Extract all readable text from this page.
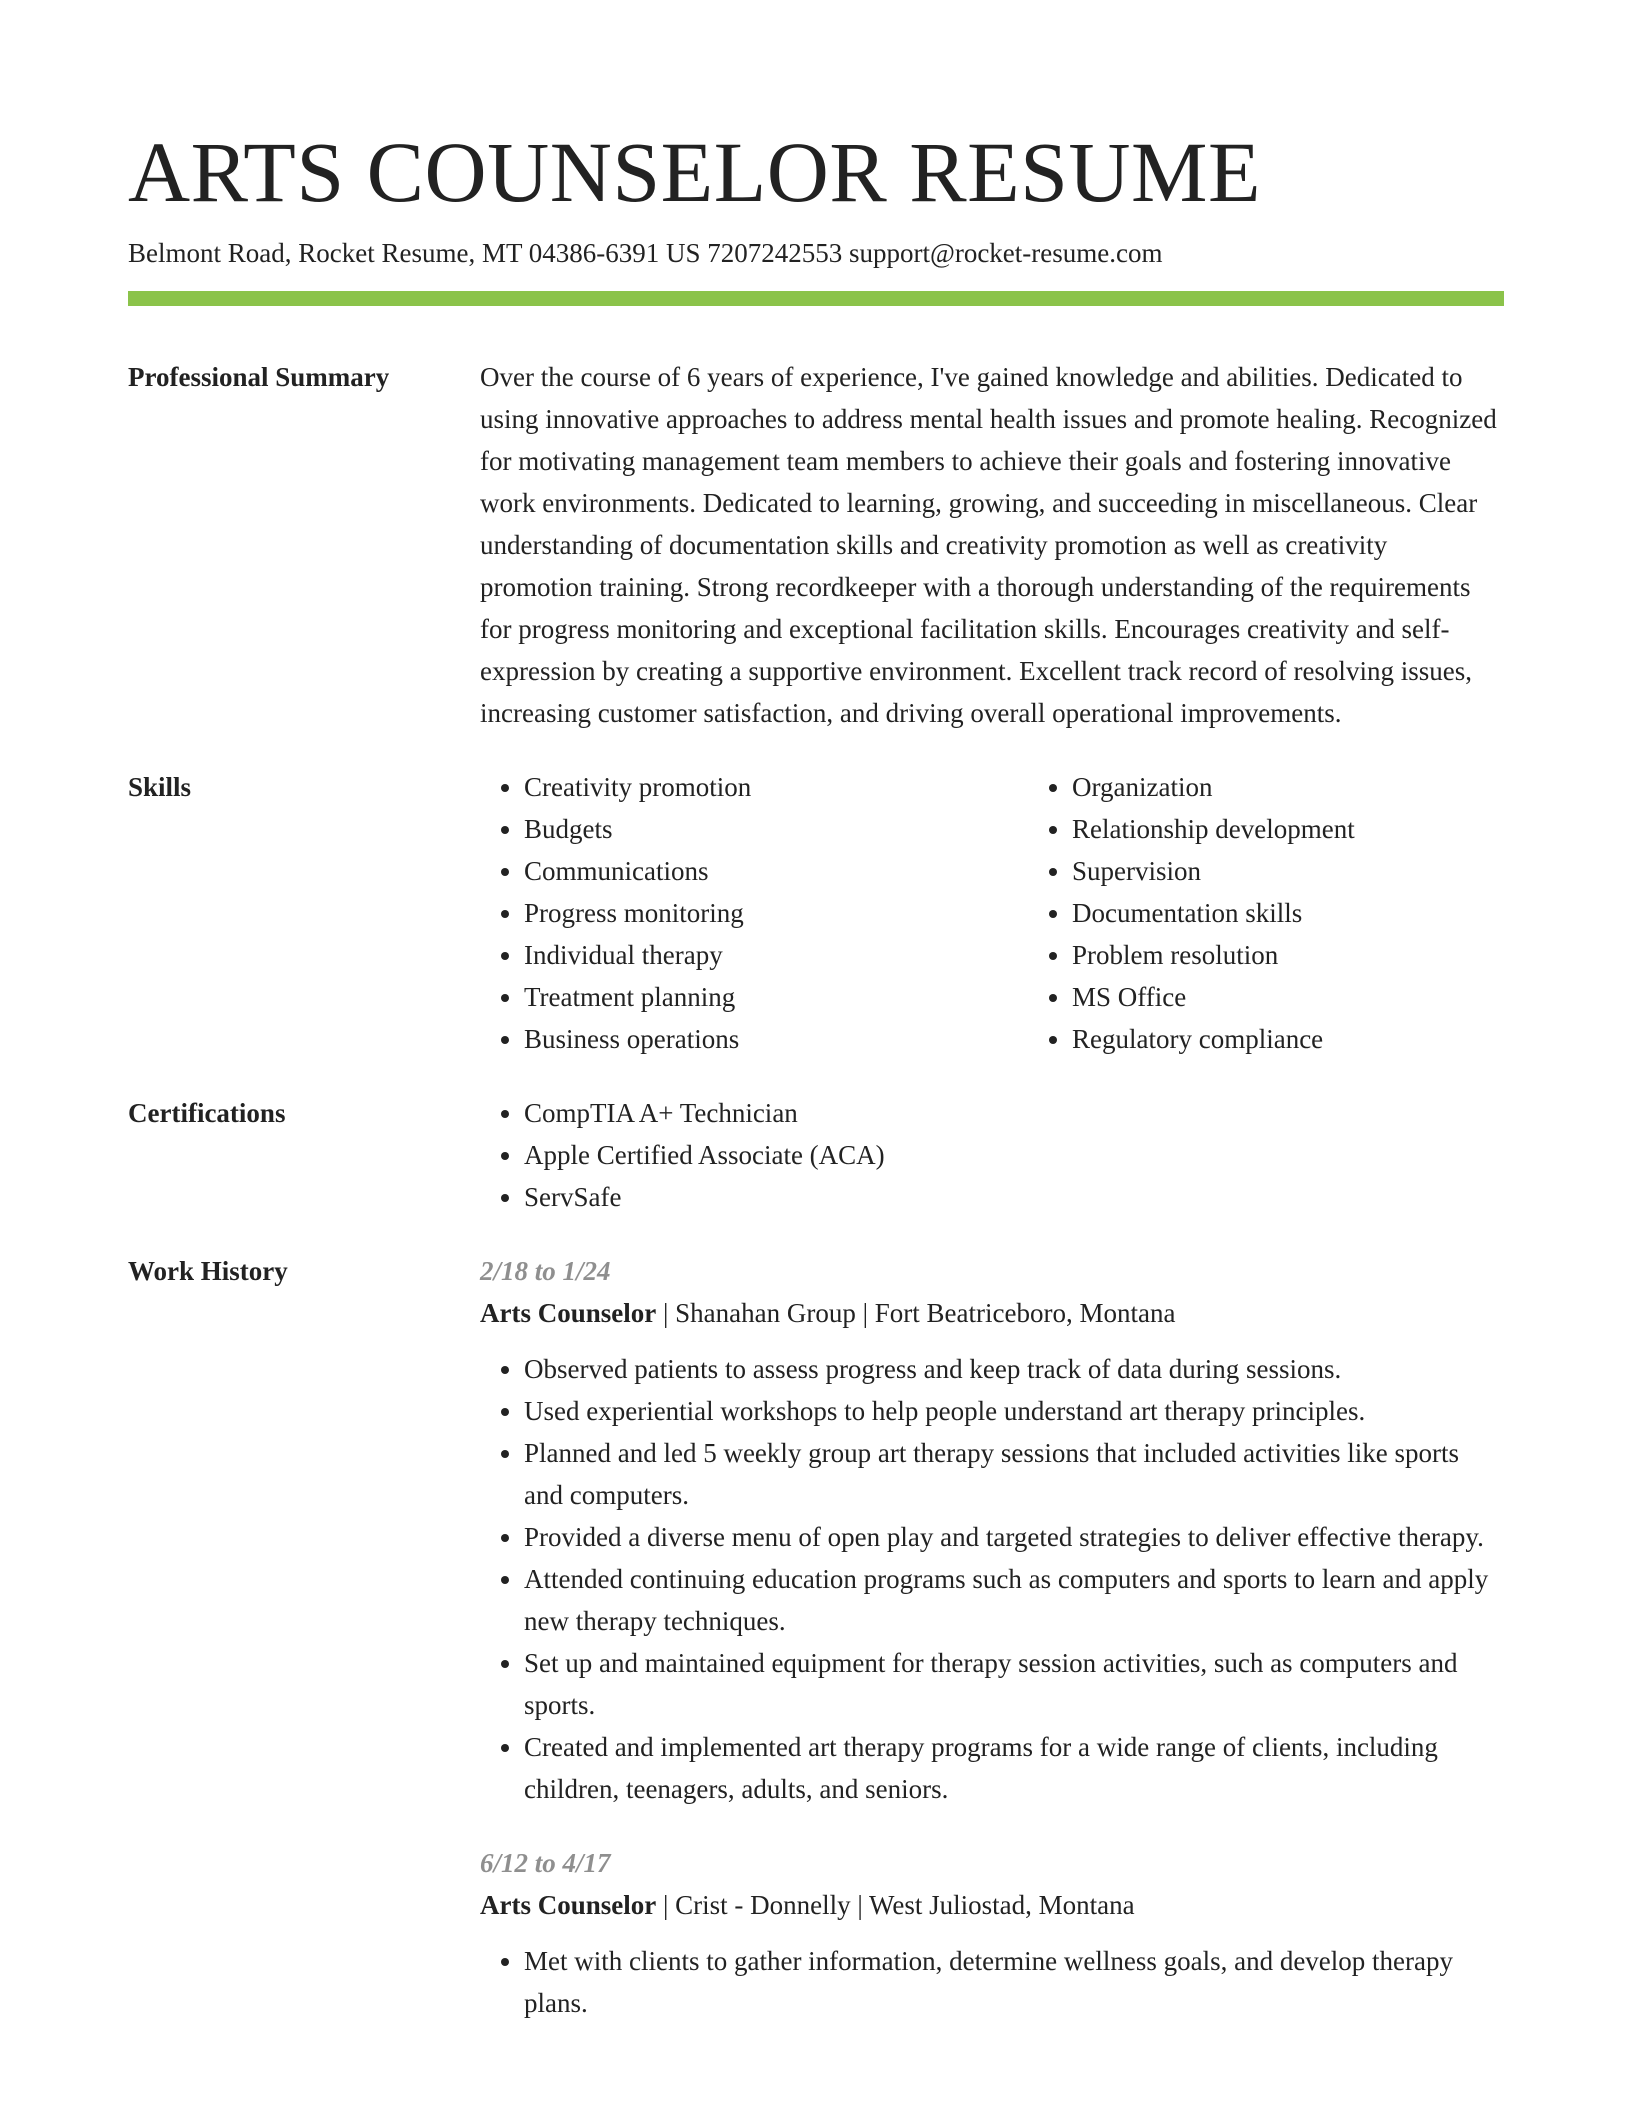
ARTS COUNSELOR RESUME
Belmont Road, Rocket Resume, MT 04386-6391 US 7207242553 support@rocket-resume.com
Professional Summary	Over the course of 6 years of experience, I've gained knowledge and abilities. Dedicated to using innovative approaches to address mental health issues and promote healing. Recognized for motivating management team members to achieve their goals and fostering innovative work environments. Dedicated to learning, growing, and succeeding in miscellaneous. Clear understanding of documentation skills and creativity promotion as well as creativity promotion training. Strong recordkeeper with a thorough understanding of the requirements for progress monitoring and exceptional facilitation skills. Encourages creativity and self-expression by creating a supportive environment. Excellent track record of resolving issues, increasing customer satisfaction, and driving overall operational improvements.

Skills	• Creativity promotion
• Budgets
• Communications
• Progress monitoring
• Individual therapy
• Treatment planning
• Business operations
• Organization
• Relationship development
• Supervision
• Documentation skills
• Problem resolution
• MS Office
• Regulatory compliance
Certifications	• CompTIA A+ Technician
• Apple Certified Associate (ACA)
• ServSafe
Work History	2/18 to 1/24
Arts Counselor | Shanahan Group | Fort Beatriceboro, Montana
• Observed patients to assess progress and keep track of data during sessions.
• Used experiential workshops to help people understand art therapy principles.
• Planned and led 5 weekly group art therapy sessions that included activities like sports and computers.
• Provided a diverse menu of open play and targeted strategies to deliver effective therapy.
• Attended continuing education programs such as computers and sports to learn and apply new therapy techniques.
• Set up and maintained equipment for therapy session activities, such as computers and sports.
• Created and implemented art therapy programs for a wide range of clients, including children, teenagers, adults, and seniors.
6/12 to 4/17
Arts Counselor | Crist - Donnelly | West Juliostad, Montana
• Met with clients to gather information, determine wellness goals, and develop therapy plans.
